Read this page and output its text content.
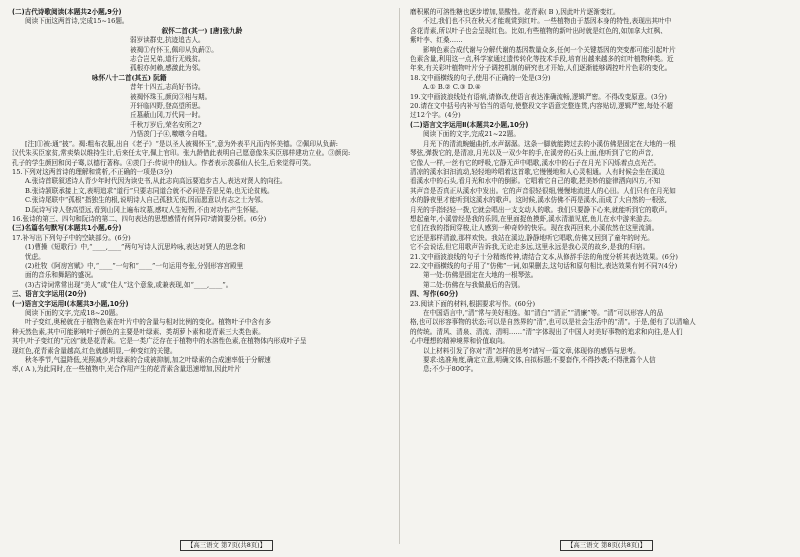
(二)古代诗歌阅读(本题共2小题,9分)

阅读下面这两首诗,完成15~16题。

叙怀二首(其一) [唐]张九龄

弱岁读群史,抗迹追古人。

被褐①有怀玉,佩印从负薪②。

志合岂兄弟,道行无贱贫。

孤根亦何赖,感激此为邻。

咏怀八十二首(其五) 阮籍

昔年十四五,志尚好书诗。

被褐怀珠玉,颜闵③相与期。

开轩临四野,登高望所思。

丘墓蔽山冈,万代同一时。

千秋万岁后,荣名安所之?

乃悟羡门子④,噭噭今自嗤。

[注]①被:通“披”。褐:粗布衣服,出自《老子》“是以圣人被褐怀玉”,意为外表平凡而内怀美德。②佩印从负薪:

汉代朱买臣家贫,常卖柴以维持生计,后来任太守,佩上官印。张九龄借此表明自己愿意像朱买臣那样建功立业。③颜闵:

孔子的学生颜回和闵子骞,以德行著称。④羡门子:传说中的仙人。作者表示羡慕仙人长生,后来觉得可笑。

15.下列对这两首诗的理解和赏析,不正确的一项是(3分)

A.张诗首联叙述诗人青少年时代因为读史书,从此志向高远要追步古人,表达对贤人的向往。

B.张诗颔联承接上文,表明追求“道行”只要志同道合就不必问是否是兄弟,也无论贫贱。

C.张诗尾联中“孤根”指独生的根,说明诗人自己孤独无依,因而愿意以有志之士为邻。

D.阮诗写诗人登高望远,看到山冈上遍布坟墓,感叹人生短暂,不由对功名产生怀疑。

16.张诗的第三、四句和阮诗的第二、四句表达的思想感情有何异同?请简要分析。(6分)

(三)名篇名句默写(本题共1小题,6分)

17.补写出下列句子中的空缺部分。(6分)

(1)曹操《短歌行》中,“____,____”两句写诗人沉思吟咏,表达对贤人的思念和

忧虑。

(2)杜牧《阿房宫赋》中,“____”一句和“____”一句运用夸张,分别形容宫殿里

面的音乐和舞蹈的盛况。

(3)古诗词常常出现“美人”或“佳人”这个意象,或兼表现,如“____,____”。

三、语言文字运用(20分)

(一)语言文字运用Ⅰ(本题共3小题,10分)

阅读下面的文字,完成18~20题。

叶子变红,奥秘就在于植物色素在叶片中的含量与相对比例的变化。植物叶子中含有多

种天然色素,其中可能影响叶子颜色的主要是叶绿素、类胡萝卜素和花青素三大类色素。

其中,叶子变红的“元凶”就是花青素。它是一类广泛存在于植物中的水溶性色素,在植物体内形成叶子呈

现红色,花青素含量越高,红色就越明显,一种变红的关键。

秋冬季节,气温降低,光照减少,叶绿素的合成被抑制,加之叶绿素的合成速率低于分解速

率,( A ),为此同时,在一些植物中,光合作用产生的花青素含量迅速增加,因此叶片

磨积累的可溶性糖也逐步增加,显酸性。花青素( B ),因此叶片逐渐变红。

不过,我们也不只在秋天才能观赏到红叶。一些植物由于基因本身的特性,表现出其叶中

含花青素,所以叶子也会呈现红色。比如,有些植物的新叶出时就是红色的,如加拿大红枫、

紫叶李、红桑……

影响色素合成代谢与分解代谢的基因数量众多,任何一个关键基因的突变都可能引起叶片

色素含量,利用这一点,科学家通过遗传转化等技术手段,培育出越来越多的红叶植物种类。近

年来,有关彩叶植物叶片分子调控机制的研究也才开始,人们逐渐能够调控叶片色彩的变化。

18.文中画横线的句子,使用不正确的一处是(3分)

A.① B.② C.③ D.④

19.文中画波浪线处有语病,请修改,使语言表达准确流畅,逻辑严密。不得改变原意。(3分)

20.请在文中括号内补写恰当的语句,使整段文字语意完整连贯,内容贴切,逻辑严密,每处不超

过12个字。(4分)

(二)语言文字运用Ⅱ(本题共2小题,10分)

阅读下面的文字,完成21~22题。

月光下的清流蜿蜒曲折,水声潺潺。这条一脚就能跨过去的小溪仿佛是固定在大地的一根

琴弦,弹拨它的,是清凉,月光以及一双少年的手,在溪旁的石头上面,他听到了它的声音,

它像人一样,一丝有它的呼吸,它静无声中唱歌,溪水中的石子在月光下闪烁着点点光芒。

清凉的溪水汩汩流动,轻轻地吟唱着这首歌,它慢慢地和人心灵相通。人有时候会坐在溪边

看溪水中的石头,看月光和水中的倒影。它唱着它自己的歌,把美妙的旋律洒向四方,不知

其声音是否真正从溪水中发出。它的声音很轻很细,慢慢地流进人的心田。人们只有在月光如

水的静夜里才能听到这溪水的歌声。这时候,溪水仿佛不再是溪水,而成了大自然的一根弦,

月光的手指轻轻一拨,它就会唱出一支支动人的歌。我们只要静下心来,就能听到它的歌声。

想起童年,小溪曾经是我的乐园,在里面捉鱼摸虾,溪水清澈见底,鱼儿在水中游来游去。

它们在我的指间穿梭,让人感到一种奇妙的快乐。现在我再回来,小溪依然在这里流淌。

它还是那样清澈,那样欢快。我站在溪边,静静地听它唱歌,仿佛又回到了童年的时光。

它不会说话,但它用歌声告诉我,无论走多远,这里永远是我心灵的故乡,是我的归宿。

21.文中画波浪线的句子十分精炼传神,请结合文本,从修辞手法的角度分析其表达效果。(6分)

22.文中画横线的句子用了“仿佛”一词,如果删去,这句话和原句相比,表达效果有何不同?(4分)

第一处:仿佛是固定在大地的一根琴弦。

第二处:仿佛在与我做最后的告别。

四、写作(60分)

23.阅读下面的材料,根据要求写作。(60分)

在中国语言中,“清”常与美好相连。如“清白”“清正”“清廉”等。“清”可以形容人的品

格,也可以形容事物的状态;可以是自然界的“清”,也可以是社会生活中的“清”。于是,便有了以清喻人

的传统。清风、清泉、清流、清明……“清”字体现出了中国人对美好事物的追求和向往,是人们

心中理想的精神境界和价值取向。

以上材料引发了你对“清”怎样的思考?请写一篇文章,体现你的感悟与思考。

要求:选准角度,确定立意,明确文体,自拟标题;不要套作,不得抄袭;不得泄露个人信

息;不少于800字。

【高三语文 第7页(共8页)】	【高三语文 第8页(共8页)】
